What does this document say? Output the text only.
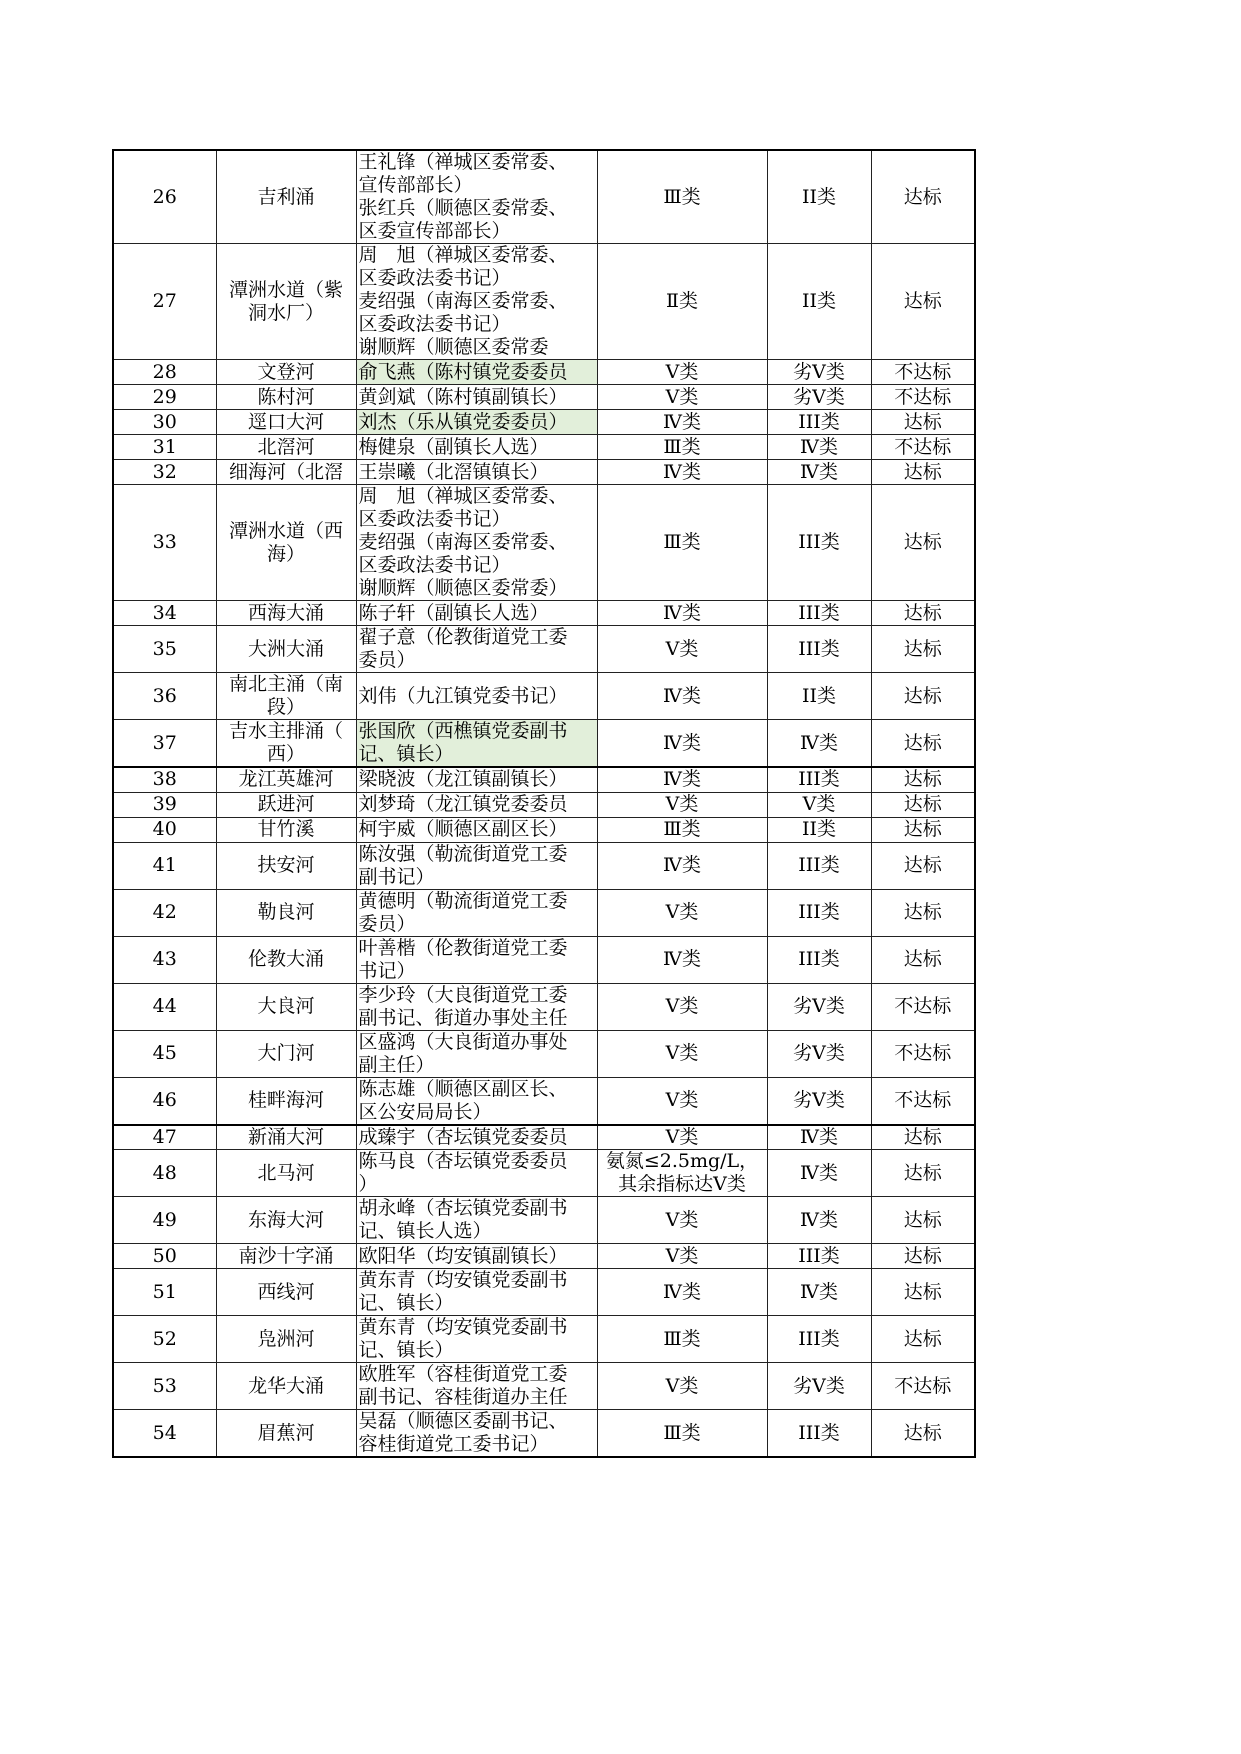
26	吉利涌	王礼锋（禅城区委常委、
宣传部部长）
张红兵（顺德区委常委、
区委宣传部部长）	Ⅲ类	II类	达标
27	潭洲水道（紫
洞水厂）	周　旭（禅城区委常委、
区委政法委书记）
麦绍强（南海区委常委、
区委政法委书记）
谢顺辉（顺德区委常委	Ⅱ类	II类	达标
28	文登河	俞飞燕（陈村镇党委委员	Ⅴ类	劣Ⅴ类	不达标
29	陈村河	黄剑斌（陈村镇副镇长）	Ⅴ类	劣Ⅴ类	不达标
30	逕口大河	刘杰（乐从镇党委委员）	Ⅳ类	III类	达标
31	北滘河	梅健泉（副镇长人选）	Ⅲ类	Ⅳ类	不达标
32	细海河（北滘	王崇曦（北滘镇镇长）	Ⅳ类	Ⅳ类	达标
33	潭洲水道（西
海）	周　旭（禅城区委常委、
区委政法委书记）
麦绍强（南海区委常委、
区委政法委书记）
谢顺辉（顺德区委常委）	Ⅲ类	III类	达标
34	西海大涌	陈子轩（副镇长人选）	Ⅳ类	III类	达标
35	大洲大涌	翟子意（伦教街道党工委
委员）	Ⅴ类	III类	达标
36	南北主涌（南
段）	刘伟（九江镇党委书记）	Ⅳ类	II类	达标
37	吉水主排涌（
西）	张国欣（西樵镇党委副书
记、镇长）	Ⅳ类	Ⅳ类	达标
38	龙江英雄河	梁晓波（龙江镇副镇长）	Ⅳ类	III类	达标
39	跃进河	刘梦琦（龙江镇党委委员	Ⅴ类	Ⅴ类	达标
40	甘竹溪	柯宇威（顺德区副区长）	Ⅲ类	II类	达标
41	扶安河	陈汝强（勒流街道党工委
副书记）	Ⅳ类	III类	达标
42	勒良河	黄德明（勒流街道党工委
委员）	Ⅴ类	III类	达标
43	伦教大涌	叶善楷（伦教街道党工委
书记）	Ⅳ类	III类	达标
44	大良河	李少玲（大良街道党工委
副书记、街道办事处主任	Ⅴ类	劣Ⅴ类	不达标
45	大门河	区盛鸿（大良街道办事处
副主任）	Ⅴ类	劣Ⅴ类	不达标
46	桂畔海河	陈志雄（顺德区副区长、
区公安局局长）	Ⅴ类	劣Ⅴ类	不达标
47	新涌大河	成臻宇（杏坛镇党委委员	Ⅴ类	Ⅳ类	达标
48	北马河	陈马良（杏坛镇党委委员
）	氨氮≤2.5mg/L，
其余指标达Ⅴ类	Ⅳ类	达标
49	东海大河	胡永峰（杏坛镇党委副书
记、镇长人选）	Ⅴ类	Ⅳ类	达标
50	南沙十字涌	欧阳华（均安镇副镇长）	Ⅴ类	III类	达标
51	西线河	黄东青（均安镇党委副书
记、镇长）	Ⅳ类	Ⅳ类	达标
52	凫洲河	黄东青（均安镇党委副书
记、镇长）	Ⅲ类	III类	达标
53	龙华大涌	欧胜军（容桂街道党工委
副书记、容桂街道办主任	Ⅴ类	劣Ⅴ类	不达标
54	眉蕉河	吴磊（顺德区委副书记、
容桂街道党工委书记）	Ⅲ类	III类	达标
